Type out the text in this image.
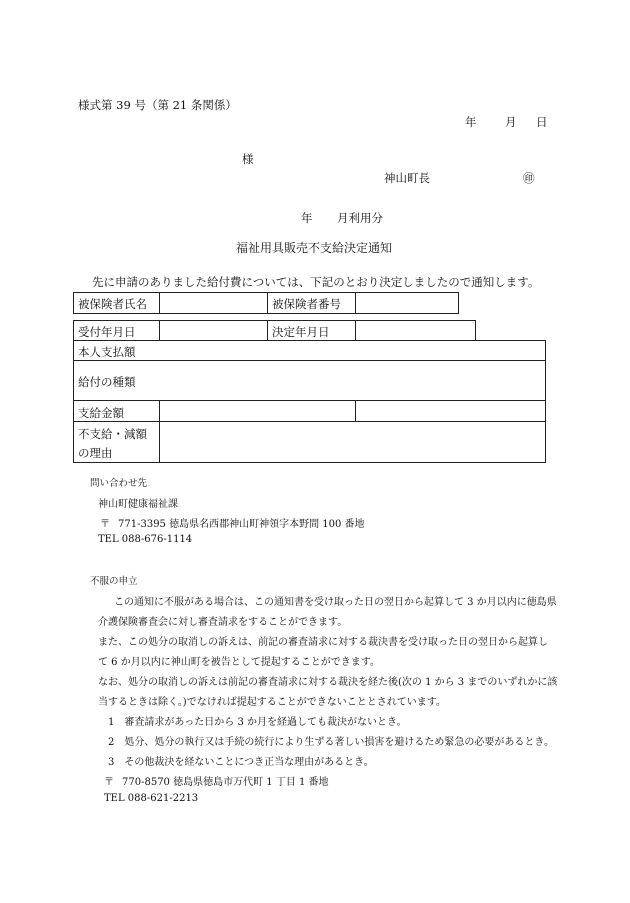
様式第 39 号（第 21 条関係）
年 月 日
様
神山町長	㊞
年 月利用分
福祉用具販売不支給決定通知
先に申請のありました給付費については、下記のとおり決定しましたので通知します。
被保険者氏名	被保険者番号
受付年月日	決定年月日
本人支払額
給付の種類
支給金額
不支給・減額
の理由
問い合わせ先
神山町健康福祉課
〒 771-3395 徳島県名西郡神山町神領字本野間 100 番地
TEL 088-676-1114
不服の申立
この通知に不服がある場合は、この通知書を受け取った日の翌日から起算して 3 か月以内に徳島県
介護保険審査会に対し審査請求をすることができます。
また、この処分の取消しの訴えは、前記の審査請求に対する裁決書を受け取った日の翌日から起算し
て 6 か月以内に神山町を被告として提起することができます。
なお、処分の取消しの訴えは前記の審査請求に対する裁決を経た後(次の 1 から 3 までのいずれかに該
当するときは除く。)でなければ提起することができないこととされています。
1　審査請求があった日から 3 か月を経過しても裁決がないとき。
2　処分、処分の執行又は手続の続行により生ずる著しい損害を避けるため緊急の必要があるとき。
3　その他裁決を経ないことにつき正当な理由があるとき。
〒 770-8570 徳島県徳島市万代町 1 丁目 1 番地
TEL 088-621-2213
